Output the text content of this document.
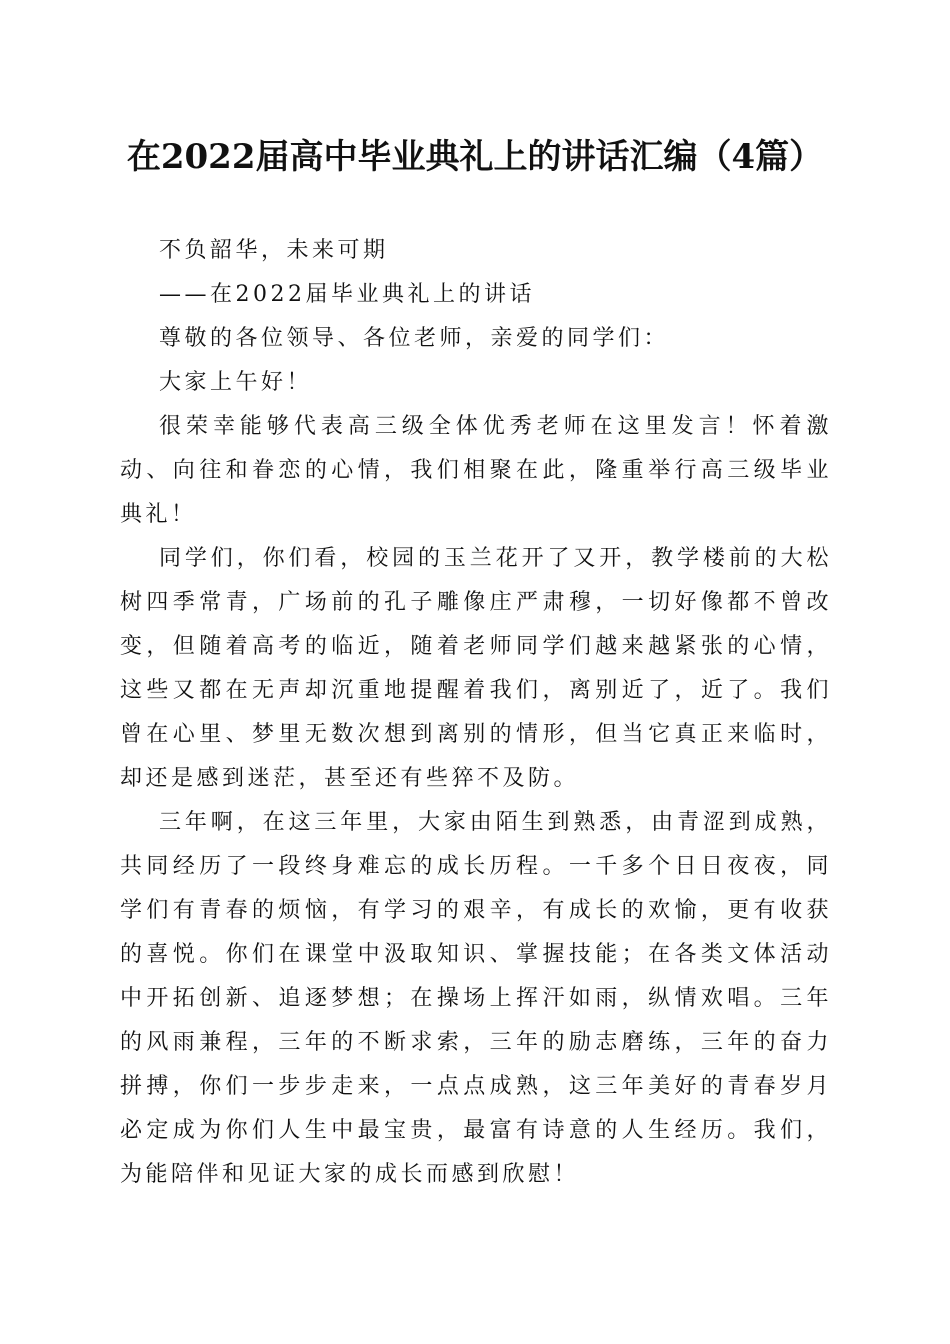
在2022届高中毕业典礼上的讲话汇编（4篇）

不负韶华，未来可期

——在2022届毕业典礼上的讲话

尊敬的各位领导、各位老师，亲爱的同学们：

大家上午好！

很荣幸能够代表高三级全体优秀老师在这里发言！怀着激动、向往和眷恋的心情，我们相聚在此，隆重举行高三级毕业典礼！

同学们，你们看，校园的玉兰花开了又开，教学楼前的大松树四季常青，广场前的孔子雕像庄严肃穆，一切好像都不曾改变，但随着高考的临近，随着老师同学们越来越紧张的心情，这些又都在无声却沉重地提醒着我们，离别近了，近了。我们曾在心里、梦里无数次想到离别的情形，但当它真正来临时，却还是感到迷茫，甚至还有些猝不及防。

三年啊，在这三年里，大家由陌生到熟悉，由青涩到成熟，共同经历了一段终身难忘的成长历程。一千多个日日夜夜，同学们有青春的烦恼，有学习的艰辛，有成长的欢愉，更有收获的喜悦。你们在课堂中汲取知识、掌握技能；在各类文体活动中开拓创新、追逐梦想；在操场上挥汗如雨，纵情欢唱。三年的风雨兼程，三年的不断求索，三年的励志磨练，三年的奋力拼搏，你们一步步走来，一点点成熟，这三年美好的青春岁月必定成为你们人生中最宝贵，最富有诗意的人生经历。我们，为能陪伴和见证大家的成长而感到欣慰！
